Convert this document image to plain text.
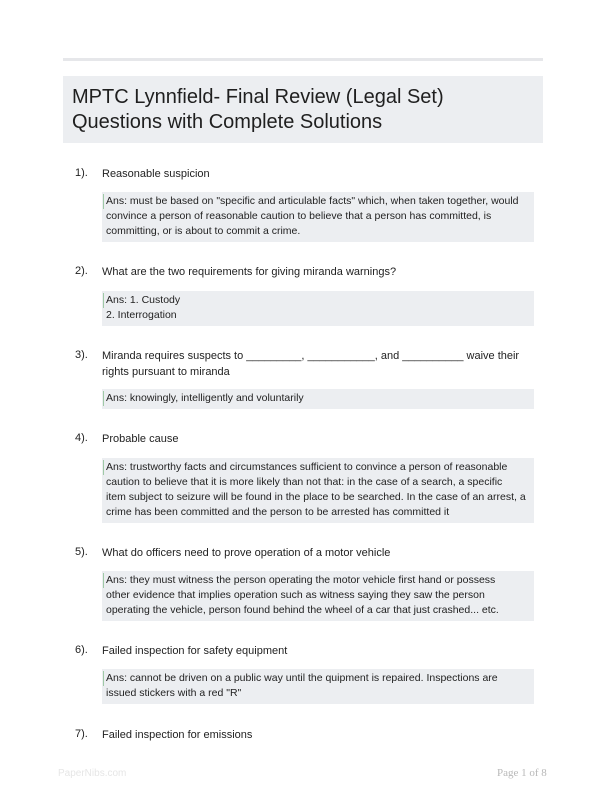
MPTC Lynnfield- Final Review (Legal Set)
Questions with Complete Solutions
1). Reasonable suspicion
Ans: must be based on "specific and articulable facts" which, when taken together, would
convince a person of reasonable caution to believe that a person has committed, is
committing, or is about to commit a crime.
2). What are the two requirements for giving miranda warnings?
Ans: 1. Custody
2. Interrogation
3). Miranda requires suspects to _________, ___________, and __________ waive their rights pursuant to miranda
Ans: knowingly, intelligently and voluntarily
4). Probable cause
Ans: trustworthy facts and circumstances sufficient to convince a person of reasonable
caution to believe that it is more likely than not that: in the case of a search, a specific
item subject to seizure will be found in the place to be searched. In the case of an arrest, a
crime has been committed and the person to be arrested has committed it
5). What do officers need to prove operation of a motor vehicle
Ans: they must witness the person operating the motor vehicle first hand or possess
other evidence that implies operation such as witness saying they saw the person
operating the vehicle, person found behind the wheel of a car that just crashed... etc.
6). Failed inspection for safety equipment
Ans: cannot be driven on a public way until the quipment is repaired. Inspections are
issued stickers with a red "R"
7). Failed inspection for emissions
PaperNibs.com	Page 1 of 8
